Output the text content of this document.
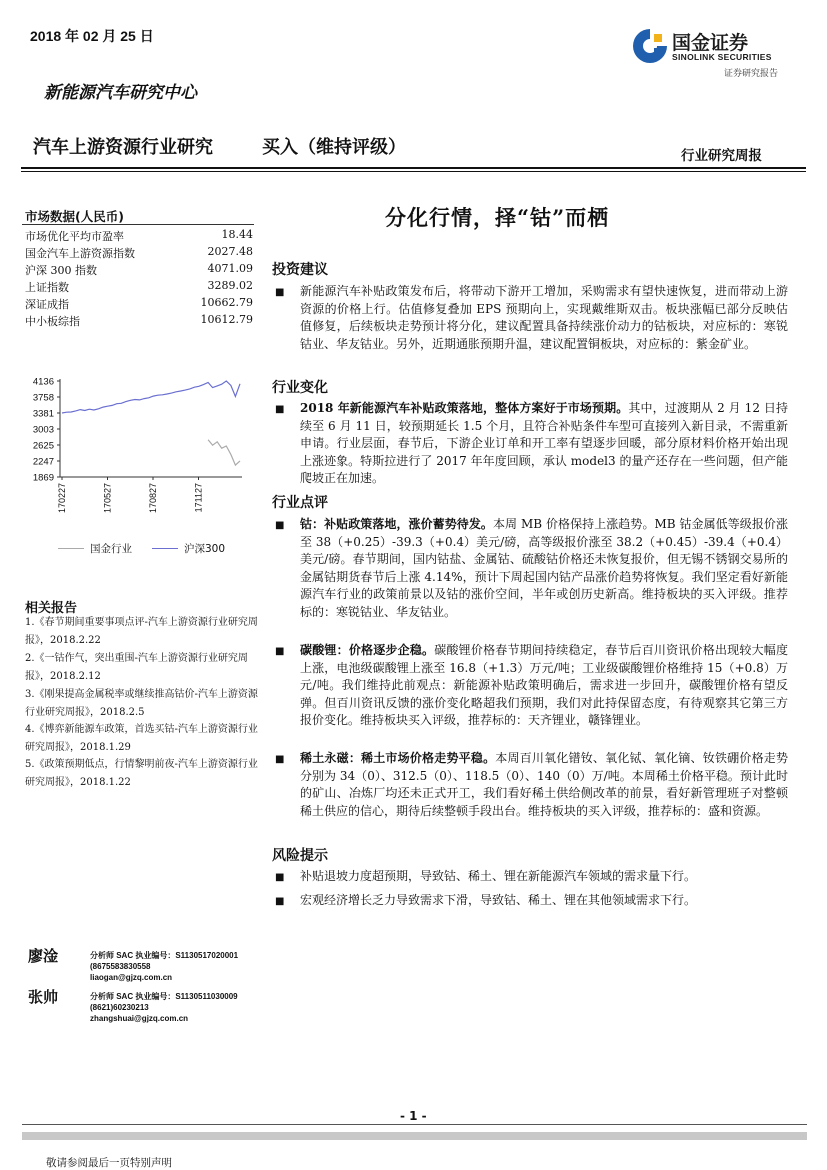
2018 年 02 月 25 日
新能源汽车研究中心
汽车上游资源行业研究	买入（维持评级）	行业研究周报
国金证券
SINOLINK SECURITIES
证券研究报告
分化行情，择“钴”而栖
市场数据(人民币)
市场优化平均市盈率	18.44
国金汽车上游资源指数	2027.48
沪深 300 指数	4071.09
上证指数	3289.02
深证成指	10662.79
中小板综指	10612.79
4136
3758
3381
3003
2625
2247
1869
170227	170527	170827	171127
国金行业	沪深300
相关报告
1.《春节期间重要事项点评-汽车上游资源行业研究周报》，2018.2.22
2.《一钴作气，突出重围-汽车上游资源行业研究周报》，2018.2.12
3.《刚果提高金属税率或继续推高钴价-汽车上游资源行业研究周报》，2018.2.5
4.《博弈新能源车政策，首选买钴-汽车上游资源行业研究周报》，2018.1.29
5.《政策预期低点，行情黎明前夜-汽车上游资源行业研究周报》，2018.1.22
廖淦	分析师 SAC 执业编号：S1130517020001
(8675583830558
liaogan@gjzq.com.cn
张帅	分析师 SAC 执业编号：S1130511030009
(8621)60230213
zhangshuai@gjzq.com.cn
投资建议
■ 新能源汽车补贴政策发布后，将带动下游开工增加，采购需求有望快速恢复，进而带动上游资源的价格上行。估值修复叠加 EPS 预期向上，实现戴维斯双击。板块涨幅已部分反映估值修复，后续板块走势预计将分化，建议配置具备持续涨价动力的钴板块，对应标的：寒锐钴业、华友钴业。另外，近期通胀预期升温，建议配置铜板块，对应标的：紫金矿业。
行业变化
■ 2018 年新能源汽车补贴政策落地，整体方案好于市场预期。其中，过渡期从 2 月 12 日持续至 6 月 11 日，较预期延长 1.5 个月，且符合补贴条件车型可直接列入新目录，不需重新申请。行业层面，春节后，下游企业订单和开工率有望逐步回暖，部分原材料价格开始出现上涨迹象。特斯拉进行了 2017 年年度回顾，承认 model3 的量产还存在一些问题，但产能爬坡正在加速。
行业点评
■ 钴：补贴政策落地，涨价蓄势待发。本周 MB 价格保持上涨趋势。MB 钴金属低等级报价涨至 38（+0.25）-39.3（+0.4）美元/磅，高等级报价涨至 38.2（+0.45）-39.4（+0.4）美元/磅。春节期间，国内钴盐、金属钴、硫酸钴价格还未恢复报价，但无锡不锈钢交易所的金属钴期货春节后上涨 4.14%，预计下周起国内钴产品涨价趋势将恢复。我们坚定看好新能源汽车行业的政策前景以及钴的涨价空间，半年或创历史新高。维持板块的买入评级。推荐标的：寒锐钴业、华友钴业。
■ 碳酸锂：价格逐步企稳。碳酸锂价格春节期间持续稳定，春节后百川资讯价格出现较大幅度上涨，电池级碳酸锂上涨至 16.8（+1.3）万元/吨；工业级碳酸锂价格维持 15（+0.8）万元/吨。我们维持此前观点：新能源补贴政策明确后，需求进一步回升，碳酸锂价格有望反弹。但百川资讯反馈的涨价变化略超我们预期，我们对此持保留态度，有待观察其它第三方报价变化。维持板块买入评级，推荐标的：天齐锂业，赣锋锂业。
■ 稀土永磁：稀土市场价格走势平稳。本周百川氧化镨钕、氧化铽、氧化镝、钕铁硼价格走势分别为 34（0）、312.5（0）、118.5（0）、140（0）万/吨。本周稀土价格平稳。预计此时的矿山、冶炼厂均还未正式开工，我们看好稀土供给侧改革的前景，看好新管理班子对整顿稀土供应的信心，期待后续整顿手段出台。维持板块的买入评级，推荐标的：盛和资源。
风险提示
■ 补贴退坡力度超预期，导致钴、稀土、锂在新能源汽车领域的需求量下行。
■ 宏观经济增长乏力导致需求下滑，导致钴、稀土、锂在其他领域需求下行。
- 1 -
敬请参阅最后一页特别声明
